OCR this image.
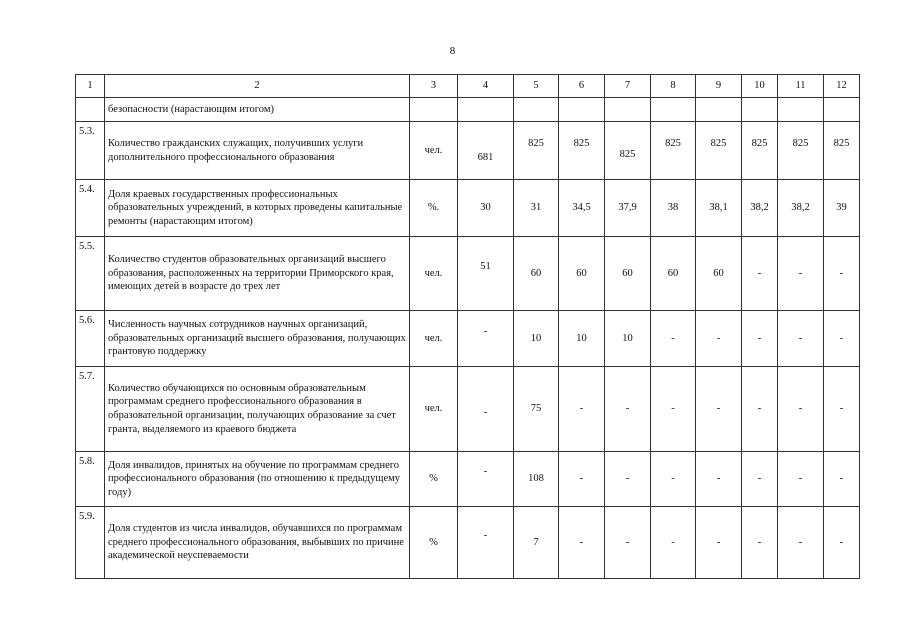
8
1	2	3	4	5	6	7	8	9	10	11	12
	безопасности (нарастающим итогом)										
5.3.	Количество гражданских служащих, получивших услуги дополнительного профессионального образования	чел.	681	825	825	825	825	825	825	825	825
5.4.	Доля краевых государственных профессиональных образовательных учреждений, в которых проведены капитальные ремонты (нарастающим итогом)	%.	30	31	34,5	37,9	38	38,1	38,2	38,2	39
5.5.	Количество студентов образовательных организаций высшего образования, расположенных на территории Приморского края, имеющих детей в возрасте до трех лет	чел.	51	60	60	60	60	60	-	-	-
5.6.	Численность научных сотрудников научных организаций, образовательных организаций высшего образования, получающих грантовую поддержку	чел.	-	10	10	10	-	-	-	-	-
5.7.	Количество обучающихся по основным образовательным программам среднего профессионального образования в образовательной организации, получающих образование за счет гранта, выделяемого из краевого бюджета	чел.	-	75	-	-	-	-	-	-	-
5.8.	Доля инвалидов, принятых на обучение по программам среднего профессионального образования (по отношению к предыдущему году)	%	-	108	-	-	-	-	-	-	-
5.9.	Доля студентов из числа инвалидов, обучавшихся по программам среднего профессионального образования, выбывших по причине академической неуспеваемости	%	-	7	-	-	-	-	-	-	-
